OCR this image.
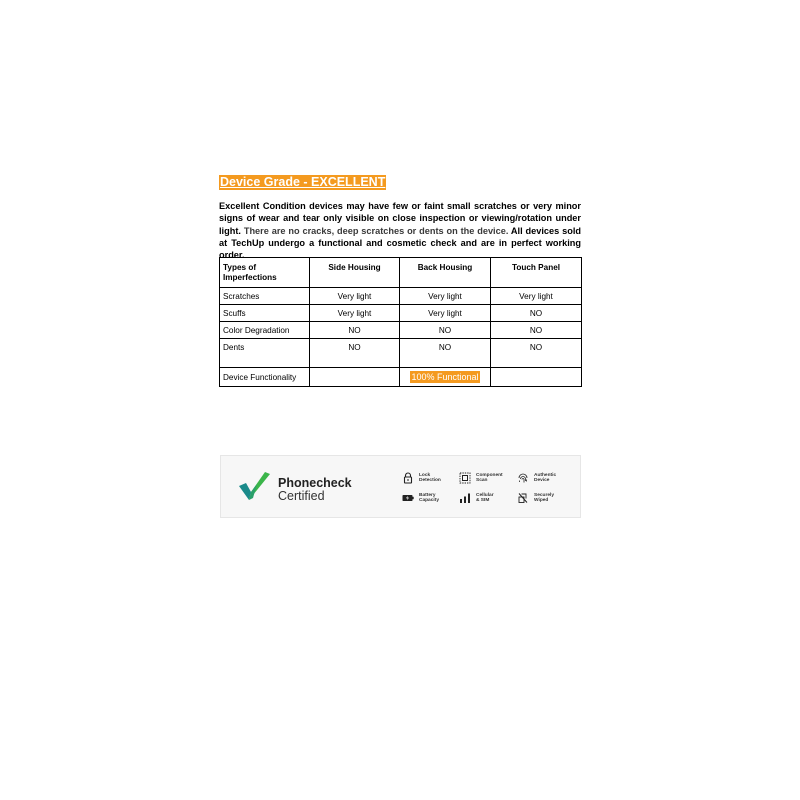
Device Grade - EXCELLENT
Excellent Condition devices may have few or faint small scratches or very minor signs of wear and tear only visible on close inspection or viewing/rotation under light. There are no cracks, deep scratches or dents on the device. All devices sold at TechUp undergo a functional and cosmetic check and are in perfect working order.
Types of Imperfections	Side Housing	Back Housing	Touch Panel
Scratches	Very light	Very light	Very light
Scuffs	Very light	Very light	NO
Color Degradation	NO	NO	NO
Dents	NO	NO	NO
Device Functionality		100% Functional	
Phonecheck
Certified
Lock
Detection
Component
Scan
Authentic
Device
Battery
Capacity
Cellular
& SIM
Securely
Wiped
